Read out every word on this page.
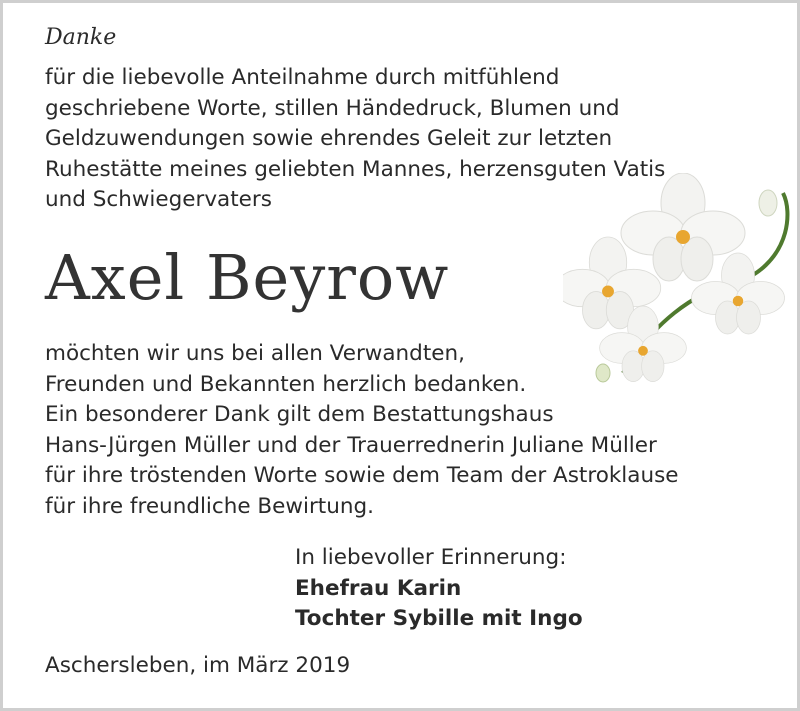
Danke
für die liebevolle Anteilnahme durch mitfühlend
geschriebene Worte, stillen Händedruck, Blumen und
Geldzuwendungen sowie ehrendes Geleit zur letzten
Ruhestätte meines geliebten Mannes, herzensguten Vatis
und Schwiegervaters
Axel Beyrow
möchten wir uns bei allen Verwandten,
Freunden und Bekannten herzlich bedanken.
Ein besonderer Dank gilt dem Bestattungshaus
Hans-Jürgen Müller und der Trauerrednerin Juliane Müller
für ihre tröstenden Worte sowie dem Team der Astroklause
für ihre freundliche Bewirtung.
In liebevoller Erinnerung:
Ehefrau Karin
Tochter Sybille mit Ingo
Aschersleben, im März 2019
